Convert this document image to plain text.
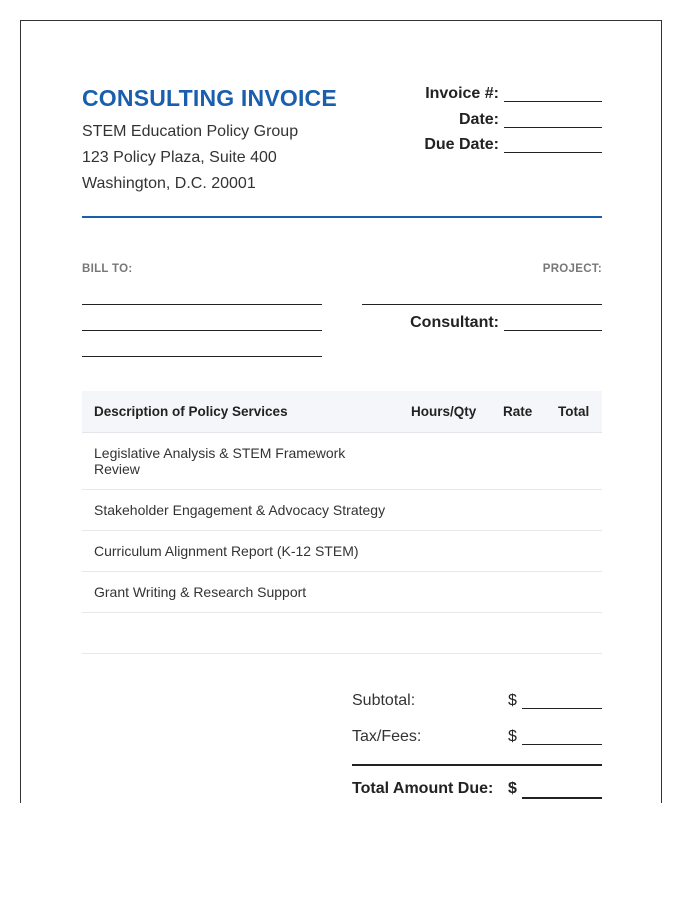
CONSULTING INVOICE
STEM Education Policy Group
123 Policy Plaza, Suite 400
Washington, D.C. 20001
Invoice #:
Date:
Due Date:
BILL TO:	PROJECT:
Consultant:
Description of Policy Services	Hours/Qty Rate Total
Legislative Analysis & STEM Framework Review
Stakeholder Engagement & Advocacy Strategy
Curriculum Alignment Report (K-12 STEM)
Grant Writing & Research Support
Subtotal:	$
Tax/Fees:	$
Total Amount Due: $
